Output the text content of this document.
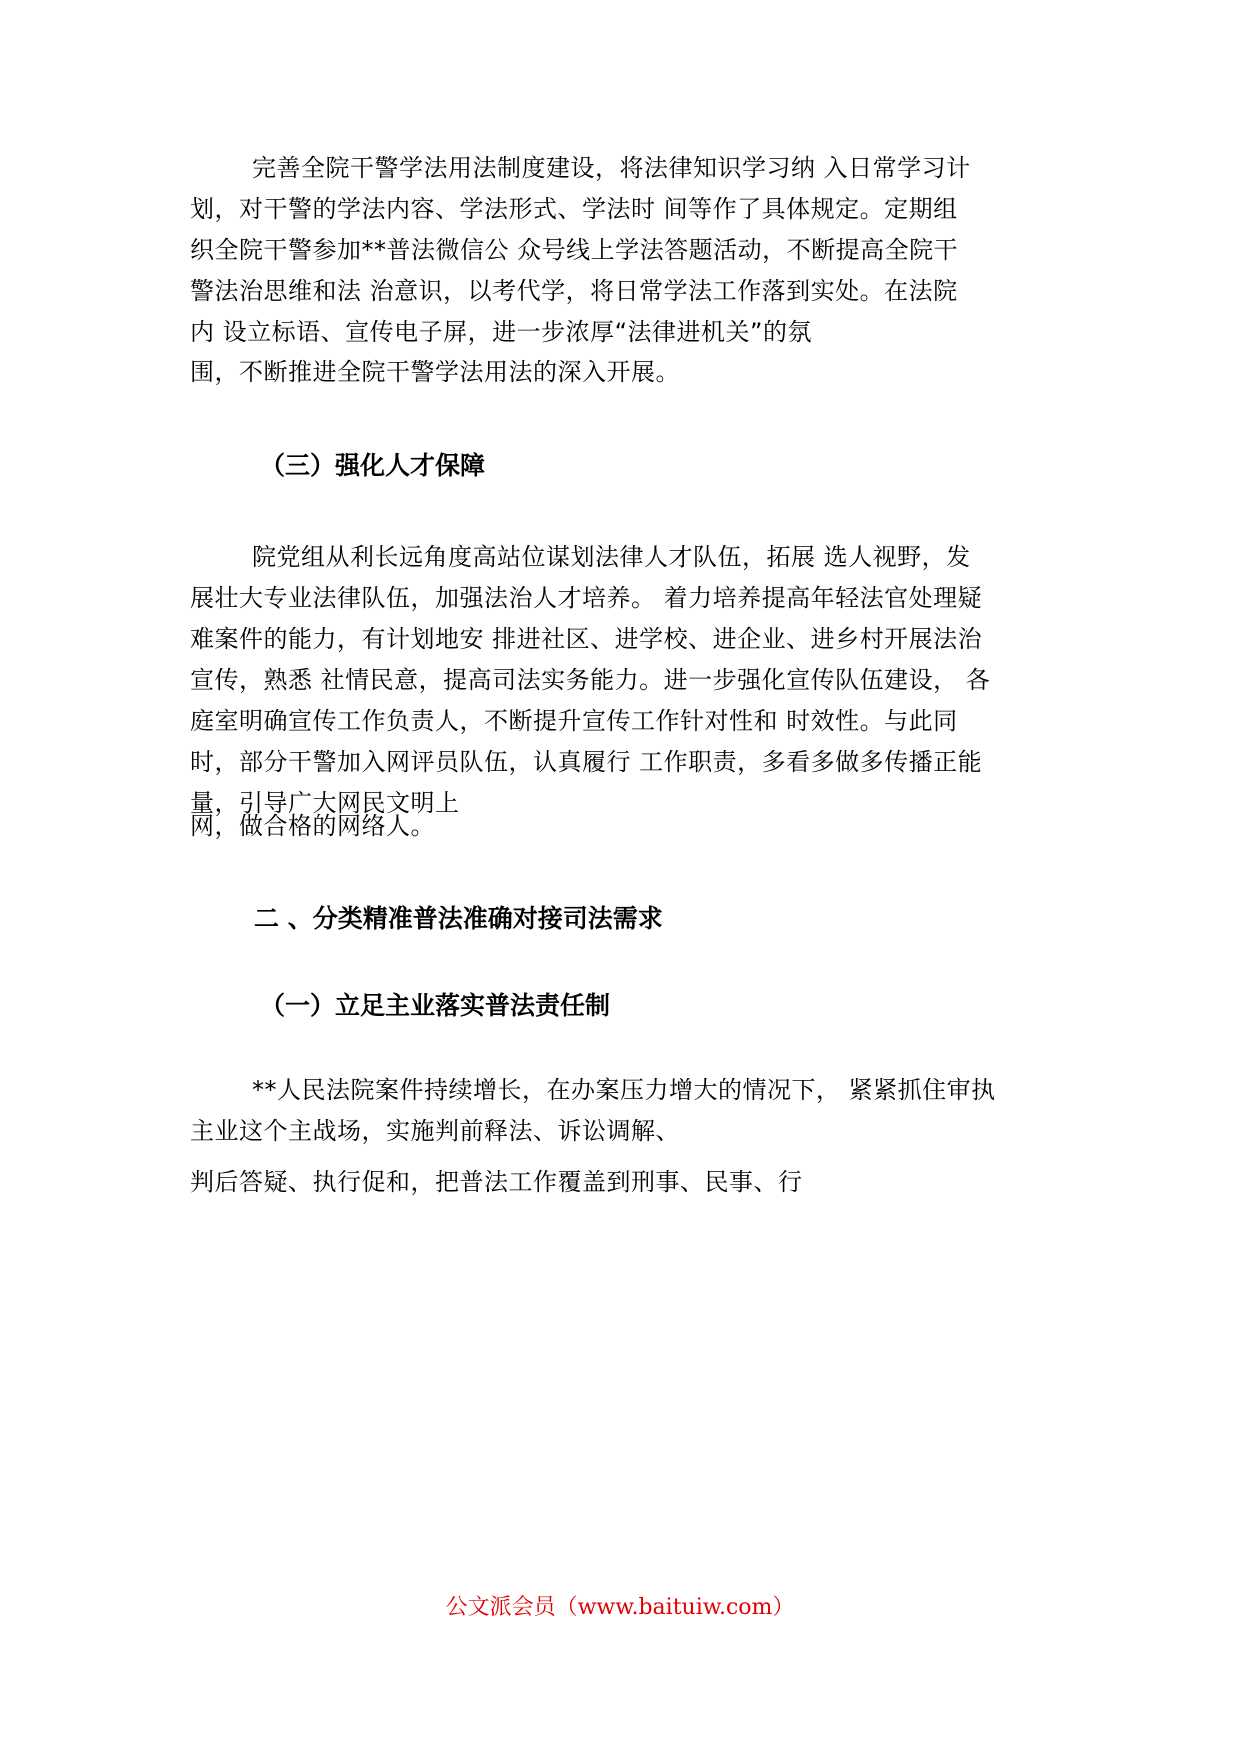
完善全院干警学法用法制度建设，将法律知识学习纳 入日常学习计
划，对干警的学法内容、学法形式、学法时 间等作了具体规定。定期组
织全院干警参加**普法微信公 众号线上学法答题活动，不断提高全院干
警法治思维和法 治意识，以考代学，将日常学法工作落到实处。在法院
内 设立标语、宣传电子屏，进一步浓厚“法律进机关”的氛
围，不断推进全院干警学法用法的深入开展。
（三）强化人才保障
院党组从利长远角度高站位谋划法律人才队伍，拓展 选人视野，发
展壮大专业法律队伍，加强法治人才培养。 着力培养提高年轻法官处理疑
难案件的能力，有计划地安 排进社区、进学校、进企业、进乡村开展法治
宣传，熟悉 社情民意，提高司法实务能力。进一步强化宣传队伍建设， 各
庭室明确宣传工作负责人，不断提升宣传工作针对性和 时效性。与此同
时，部分干警加入网评员队伍，认真履行 工作职责，多看多做多传播正能
量，引导广大网民文明上
网，做合格的网络人。
二 、分类精准普法准确对接司法需求
（一）立足主业落实普法责任制
**人民法院案件持续增长，在办案压力增大的情况下， 紧紧抓住审执
主业这个主战场，实施判前释法、诉讼调解、
判后答疑、执行促和，把普法工作覆盖到刑事、民事、行
公文派会员（www.baituiw.com）
